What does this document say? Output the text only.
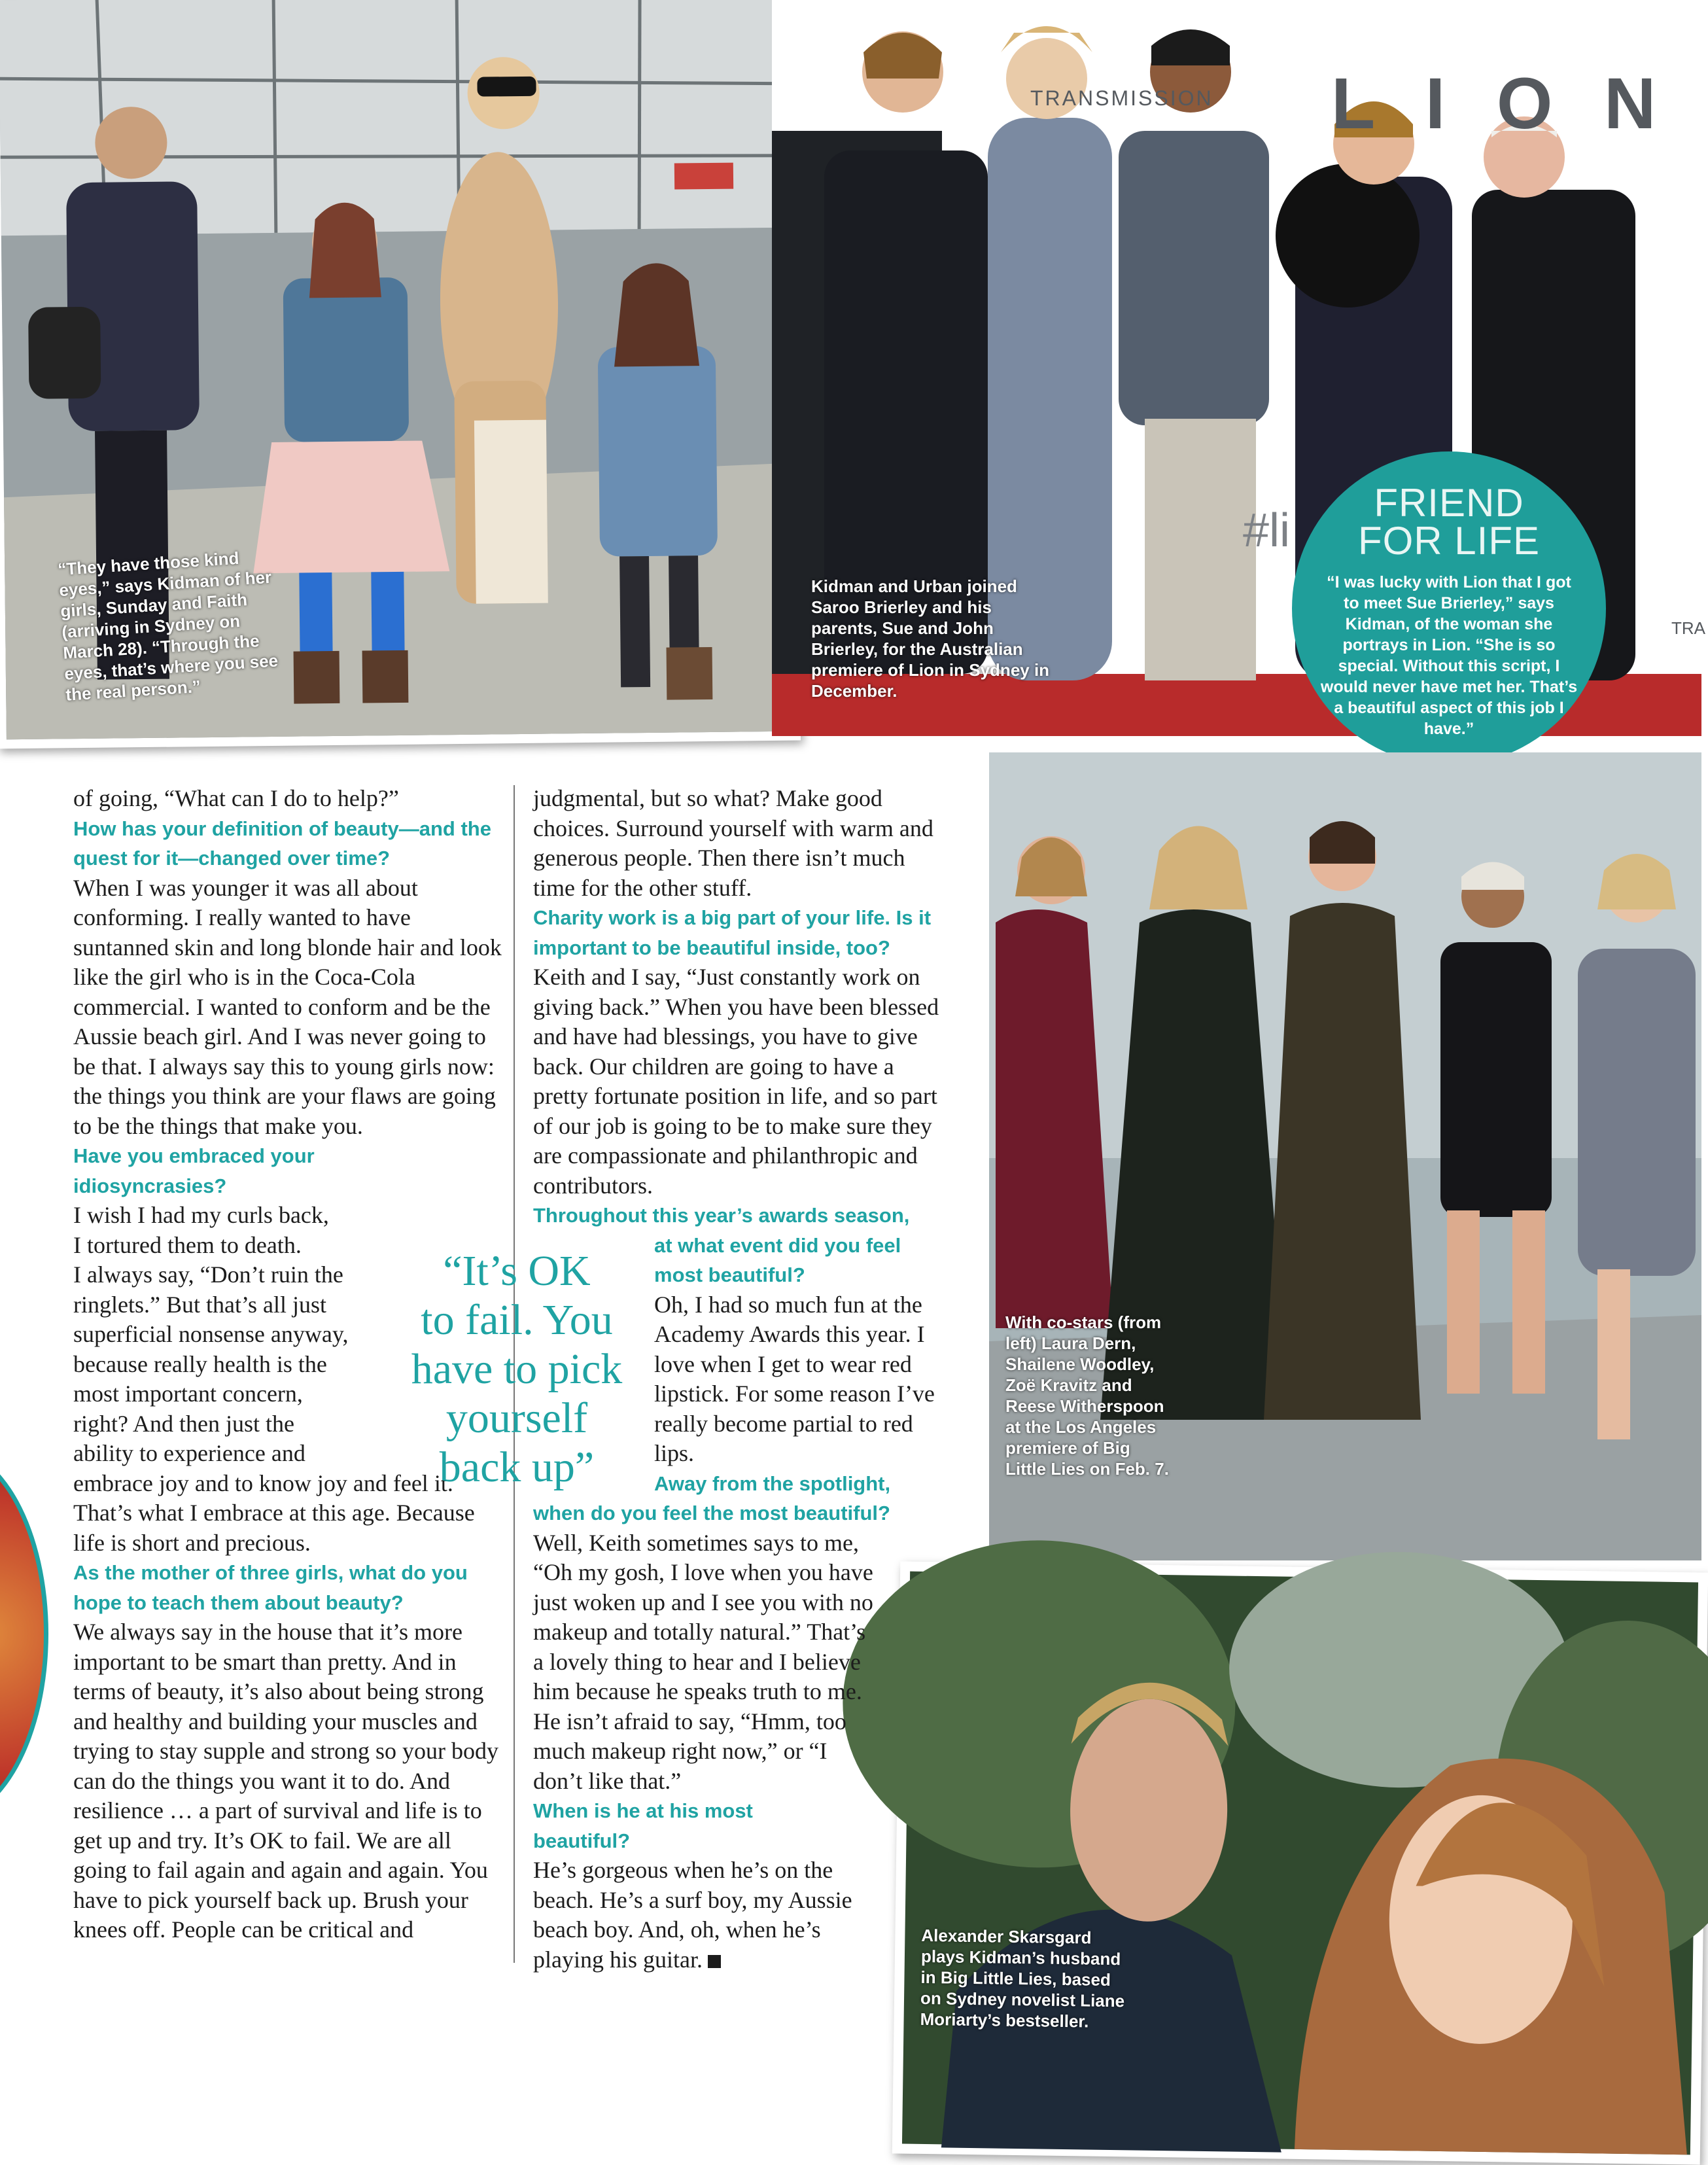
“They have those kind eyes,” says Kidman of her girls, Sunday and Faith (arriving in Sydney on March 28). “Through the eyes, that’s where you see the real person.”
L I O N
TRANSMISSION
#li
TRA
Kidman and Urban joined Saroo Brierley and his parents, Sue and John Brierley, for the Australian premiere of Lion in Sydney in December.
FRIEND
FOR LIFE
“I was lucky with Lion that I got to meet Sue Brierley,” says Kidman, of the woman she portrays in Lion. “She is so special. Without this script, I would never have met her. That’s a beautiful aspect of this job I have.”
With co-stars (from left) Laura Dern, Shailene Woodley, Zoë Kravitz and Reese Witherspoon at the Los Angeles premiere of Big Little Lies on Feb. 7.
Alexander Skarsgard plays Kidman’s husband in Big Little Lies, based on Sydney novelist Liane Moriarty’s bestseller.

of going, “What can I do to help?”

How has your definition of beauty—and the quest for it—changed over time?

When I was younger it was all about conforming. I really wanted to have suntanned skin and long blonde hair and look like the girl who is in the Coca-Cola commercial. I wanted to conform and be the Aussie beach girl. And I was never going to be that. I always say this to young girls now: the things you think are your flaws are going to be the things that make you.

Have you embraced your idiosyncrasies?

I wish I had my curls back,

I tortured them to death.

I always say, “Don’t ruin the

ringlets.” But that’s all just

superficial nonsense anyway,

because really health is the

most important concern,

right? And then just the

ability to experience and

embrace joy and to know joy and feel it. That’s what I embrace at this age. Because life is short and precious.

As the mother of three girls, what do you hope to teach them about beauty?

We always say in the house that it’s more important to be smart than pretty. And in terms of beauty, it’s also about being strong and healthy and building your muscles and trying to stay supple and strong so your body can do the things you want it to do. And resilience … a part of survival and life is to get up and try. It’s OK to fail. We are all going to fail again and again and again. You have to pick yourself back up. Brush your knees off. People can be critical and

“It’s OK
to fail. You
have to pick
yourself
back up”

judgmental, but so what? Make good choices. Surround yourself with warm and generous people. Then there isn’t much time for the other stuff.

Charity work is a big part of your life. Is it important to be beautiful inside, too?

Keith and I say, “Just constantly work on giving back.” When you have been blessed and have had blessings, you have to give back. Our children are going to have a pretty fortunate position in life, and so part of our job is going to be to make sure they are compassionate and philanthropic and contributors.

Throughout this year’s awards season,

at what event did you feel most beautiful?

Oh, I had so much fun at the Academy Awards this year. I love when I get to wear red lipstick. For some reason I’ve really become partial to red lips.

Away from the spotlight,

when do you feel the most beautiful?

Well, Keith sometimes says to me, “Oh my gosh, I love when you have just woken up and I see you with no makeup and totally natural.” That’s a lovely thing to hear and I believe him because he speaks truth to me. He isn’t afraid to say, “Hmm, too much makeup right now,” or “I don’t like that.”

When is he at his most beautiful?

He’s gorgeous when he’s on the beach. He’s a surf boy, my Aussie beach boy. And, oh, when he’s playing his guitar.
